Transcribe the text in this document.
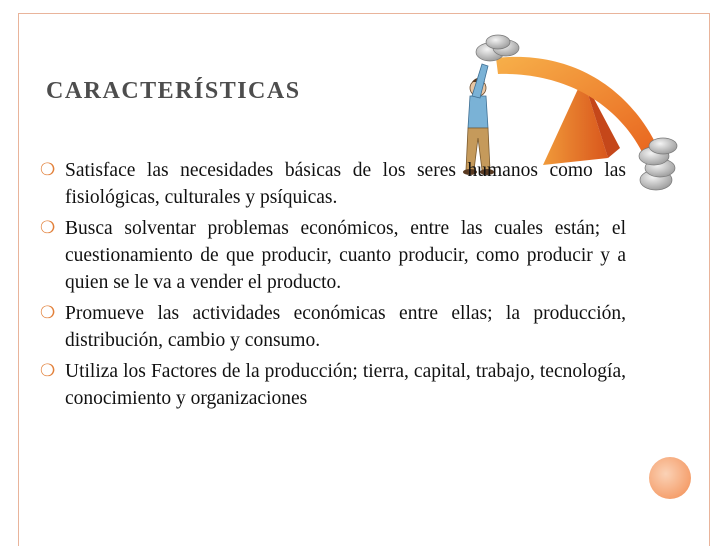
CARACTERÍSTICAS
❍ Satisface las necesidades básicas de los seres humanos como las fisiológicas, culturales y psíquicas.
❍ Busca solventar problemas económicos, entre las cuales están; el cuestionamiento de que producir, cuanto producir, como producir y a quien se le va a vender el producto.
❍ Promueve las actividades económicas entre ellas; la producción, distribución, cambio y consumo.
❍ Utiliza los Factores de la producción; tierra, capital, trabajo, tecnología, conocimiento y organizaciones
